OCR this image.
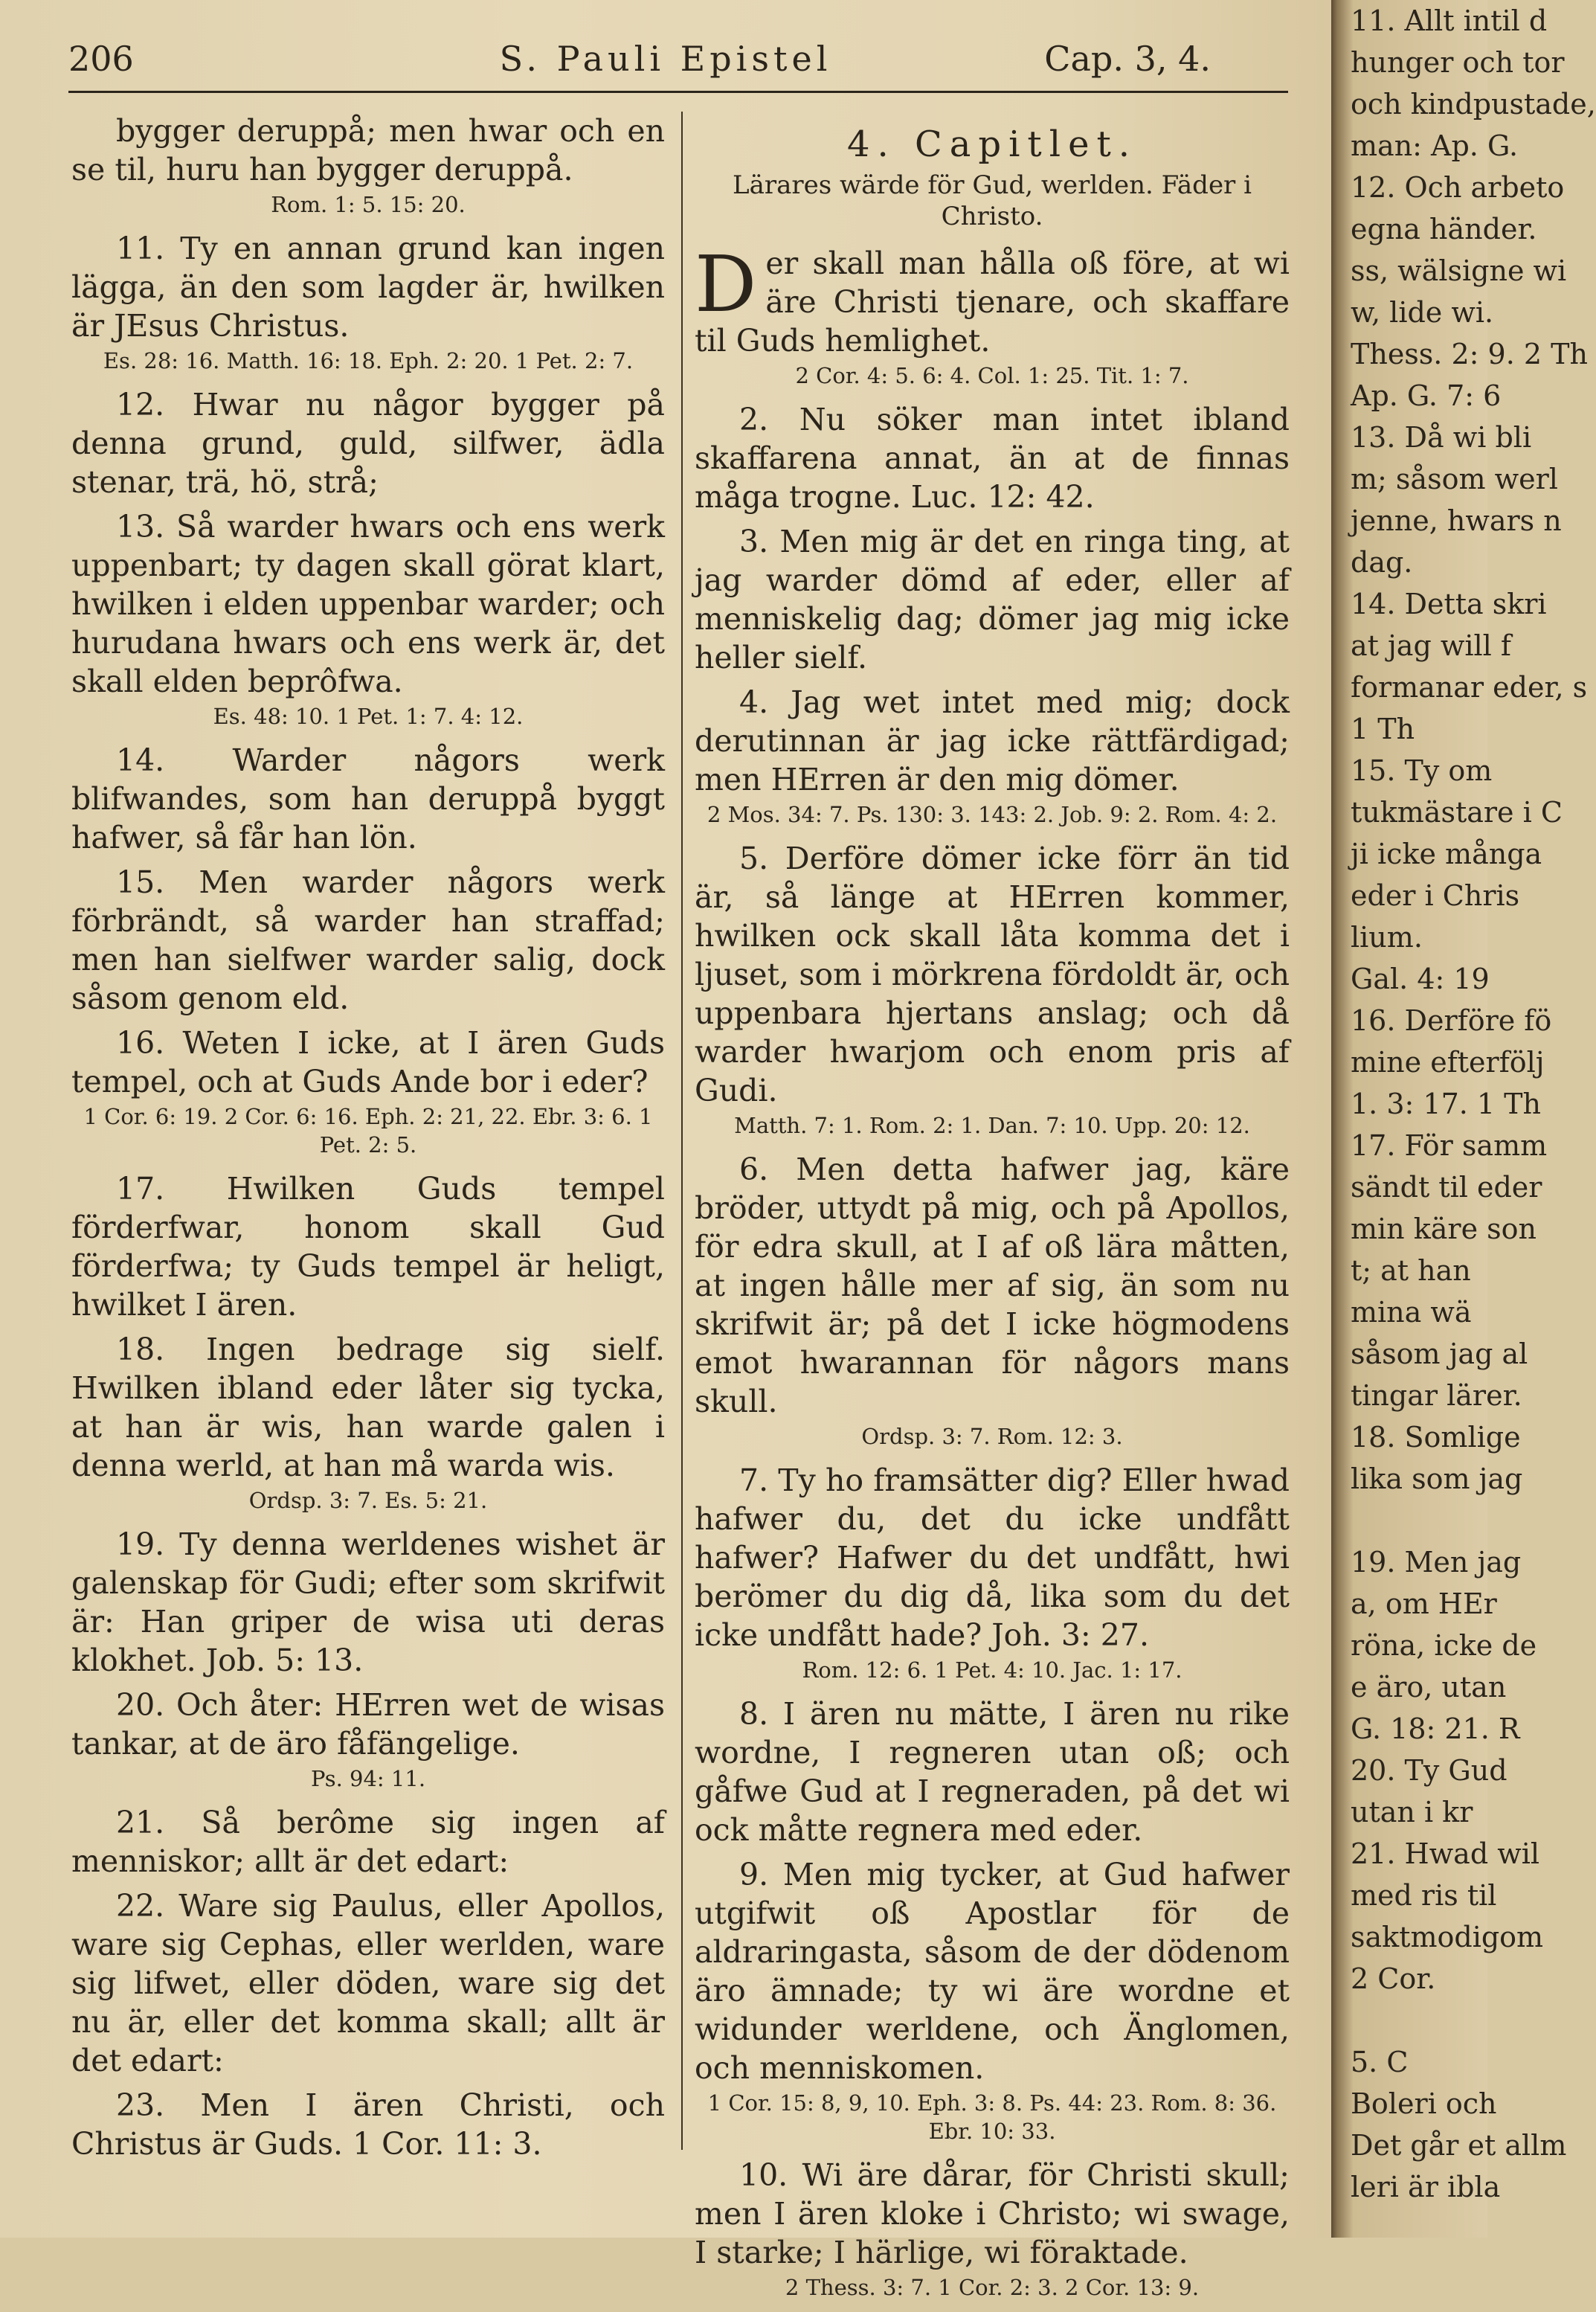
206	S. Pauli Epistel	Cap. 3, 4.

bygger deruppå; men hwar och en se til, huru han bygger deruppå.

Rom. 1: 5. 15: 20.

11. Ty en annan grund kan ingen lägga, än den som lagder är, hwilken är JEsus Christus.

Es. 28: 16. Matth. 16: 18. Eph. 2: 20. 1 Pet. 2: 7.

12. Hwar nu någor bygger på denna grund, guld, silfwer, ädla stenar, trä, hö, strå;

13. Så warder hwars och ens werk uppenbart; ty dagen skall görat klart, hwilken i elden uppenbar warder; och hurudana hwars och ens werk är, det skall elden beprôfwa.

Es. 48: 10. 1 Pet. 1: 7. 4: 12.

14. Warder någors werk blifwandes, som han deruppå byggt hafwer, så får han lön.

15. Men warder någors werk förbrändt, så warder han straffad; men han sielfwer warder salig, dock såsom genom eld.

16. Weten I icke, at I ären Guds tempel, och at Guds Ande bor i eder?

1 Cor. 6: 19. 2 Cor. 6: 16. Eph. 2: 21, 22. Ebr. 3: 6. 1 Pet. 2: 5.

17. Hwilken Guds tempel förderfwar, honom skall Gud förderfwa; ty Guds tempel är heligt, hwilket I ären.

18. Ingen bedrage sig sielf. Hwilken ibland eder låter sig tycka, at han är wis, han warde galen i denna werld, at han må warda wis.

Ordsp. 3: 7. Es. 5: 21.

19. Ty denna werldenes wishet är galenskap för Gudi; efter som skrifwit är: Han griper de wisa uti deras klokhet. Job. 5: 13.

20. Och åter: HErren wet de wisas tankar, at de äro fåfängelige.

Ps. 94: 11.

21. Så berôme sig ingen af menniskor; allt är det edart:

22. Ware sig Paulus, eller Apollos, ware sig Cephas, eller werlden, ware sig lifwet, eller döden, ware sig det nu är, eller det komma skall; allt är det edart:

23. Men I ären Christi, och Christus är Guds. 1 Cor. 11: 3.

4. Capitlet.
Lärares wärde för Gud, werlden. Fäder i Christo.

Der skall man hålla oß före, at wi äre Christi tjenare, och skaffare til Guds hemlighet.

2 Cor. 4: 5. 6: 4. Col. 1: 25. Tit. 1: 7.

2. Nu söker man intet ibland skaffarena annat, än at de finnas måga trogne. Luc. 12: 42.

3. Men mig är det en ringa ting, at jag warder dömd af eder, eller af menniskelig dag; dömer jag mig icke heller sielf.

4. Jag wet intet med mig; dock derutinnan är jag icke rättfärdigad; men HErren är den mig dömer.

2 Mos. 34: 7. Ps. 130: 3. 143: 2. Job. 9: 2. Rom. 4: 2.

5. Derföre dömer icke förr än tid är, så länge at HErren kommer, hwilken ock skall låta komma det i ljuset, som i mörkrena fördoldt är, och uppenbara hjertans anslag; och då warder hwarjom och enom pris af Gudi.

Matth. 7: 1. Rom. 2: 1. Dan. 7: 10. Upp. 20: 12.

6. Men detta hafwer jag, käre bröder, uttydt på mig, och på Apollos, för edra skull, at I af oß lära måtten, at ingen hålle mer af sig, än som nu skrifwit är; på det I icke högmodens emot hwarannan för någors mans skull.

Ordsp. 3: 7. Rom. 12: 3.

7. Ty ho framsätter dig? Eller hwad hafwer du, det du icke undfått hafwer? Hafwer du det undfått, hwi berömer du dig då, lika som du det icke undfått hade? Joh. 3: 27.

Rom. 12: 6. 1 Pet. 4: 10. Jac. 1: 17.

8. I ären nu mätte, I ären nu rike wordne, I regneren utan oß; och gåfwe Gud at I regneraden, på det wi ock måtte regnera med eder.

9. Men mig tycker, at Gud hafwer utgifwit oß Apostlar för de aldraringasta, såsom de der dödenom äro ämnade; ty wi äre wordne et widunder werldene, och Änglomen, och menniskomen.

1 Cor. 15: 8, 9, 10. Eph. 3: 8. Ps. 44: 23. Rom. 8: 36. Ebr. 10: 33.

10. Wi äre dårar, för Christi skull; men I ären kloke i Christo; wi swage, I starke; I härlige, wi föraktade.

2 Thess. 3: 7. 1 Cor. 2: 3. 2 Cor. 13: 9.
11. Allt intil d
hunger och tor
och kindpustade,
man: Ap. G.
12. Och arbeto
egna händer.
ss, wälsigne wi
w, lide wi.
Thess. 2: 9. 2 Th
Ap. G. 7: 6
13. Då wi bli
m; såsom werl
jenne, hwars n
dag.
14. Detta skri
at jag will f
formanar eder, s
1 Th
15. Ty om
tukmästare i C
ji icke många
eder i Chris
lium.
Gal. 4: 19
16. Derföre fö
mine efterfölj
1. 3: 17. 1 Th
17. För samm
sändt til eder
min käre son
t; at han
mina wä
såsom jag al
tingar lärer.
18. Somlige
lika som jag

19. Men jag
a, om HEr
röna, icke de
e äro, utan
G. 18: 21. R
20. Ty Gud
utan i kr
21. Hwad wil
med ris til
saktmodigom
2 Cor.

5. C
Boleri och
Det går et allm
leri är ibla
